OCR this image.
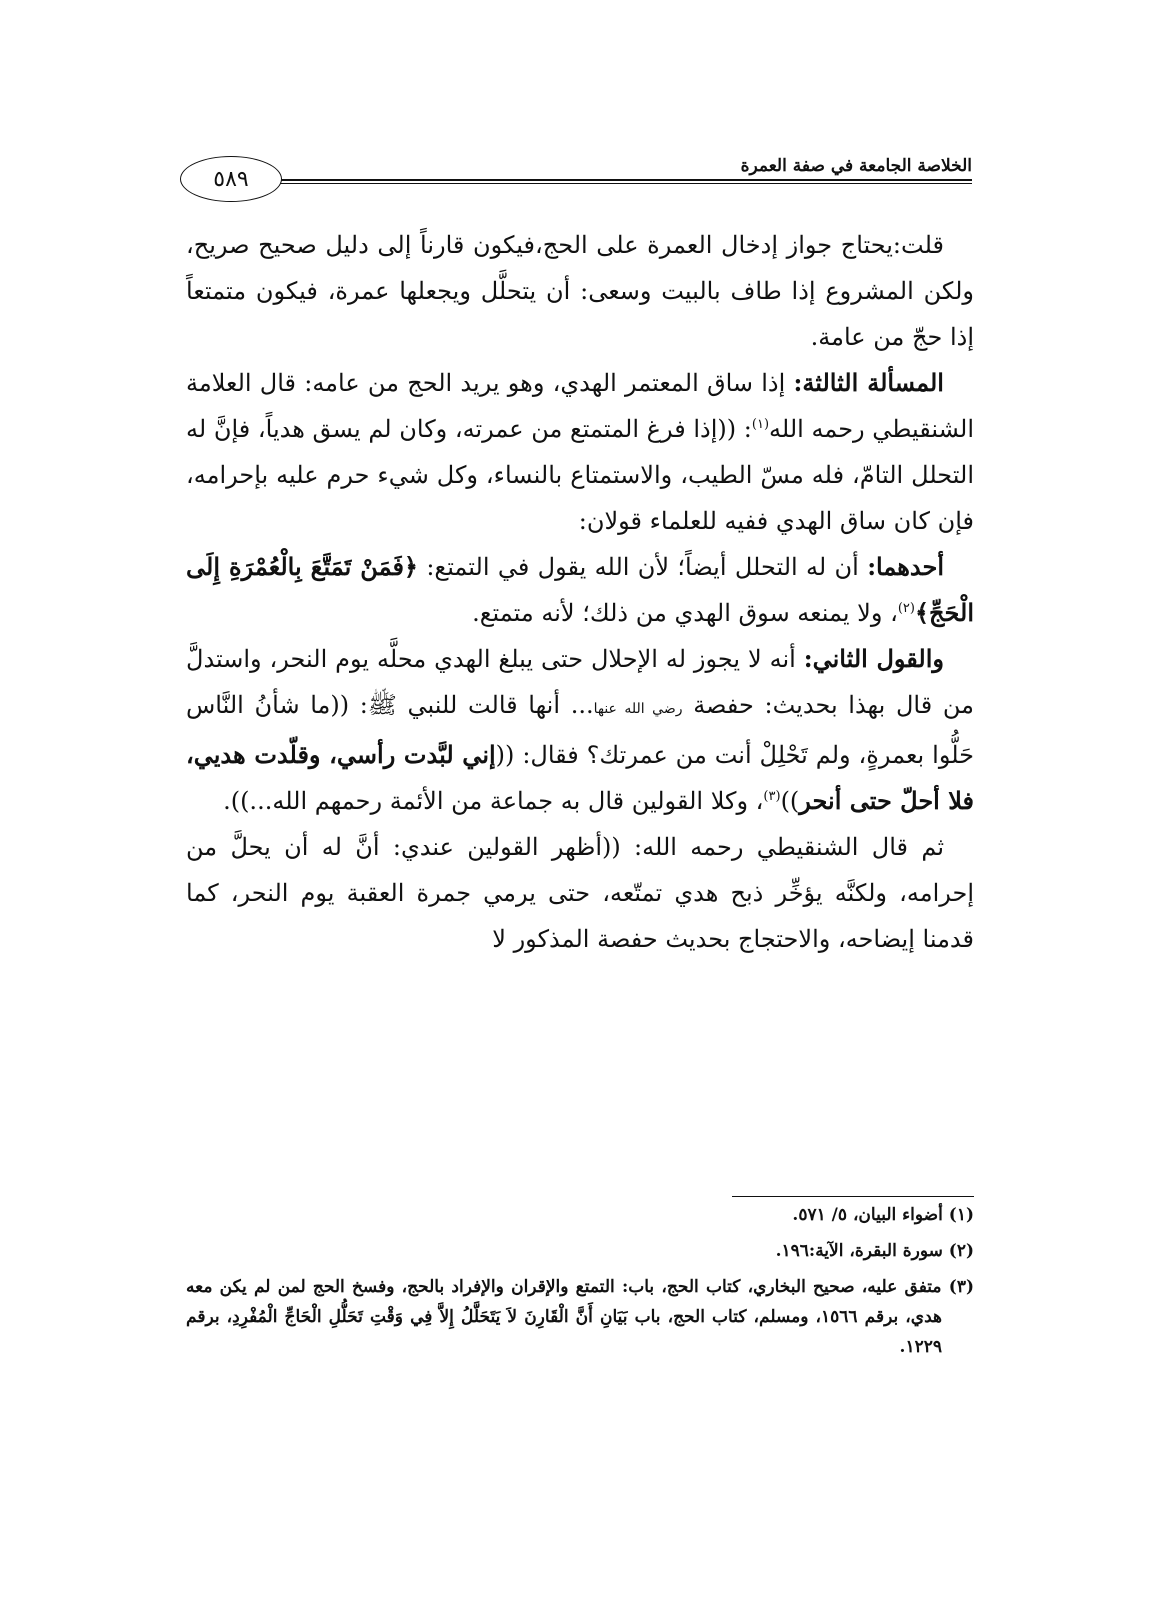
الخلاصة الجامعة في صفة العمرة
٥٨٩

قلت:يحتاج جواز إدخال العمرة على الحج،فيكون قارناً إلى دليل صحيح صريح، ولكن المشروع إذا طاف بالبيت وسعى: أن يتحلَّل ويجعلها عمرة، فيكون متمتعاً إذا حجّ من عامة.

المسألة الثالثة: إذا ساق المعتمر الهدي، وهو يريد الحج من عامه: قال العلامة الشنقيطي رحمه الله$^{(١)}$: ((إذا فرغ المتمتع من عمرته، وكان لم يسق هدياً، فإنَّ له التحلل التامّ، فله مسّ الطيب، والاستمتاع بالنساء، وكل شيء حرم عليه بإحرامه، فإن كان ساق الهدي ففيه للعلماء قولان:

أحدهما: أن له التحلل أيضاً؛ لأن الله يقول في التمتع: ﴿فَمَنْ تَمَتَّعَ بِالْعُمْرَةِ إِلَى الْحَجِّ﴾$^{(٢)}$، ولا يمنعه سوق الهدي من ذلك؛ لأنه متمتع.

والقول الثاني: أنه لا يجوز له الإحلال حتى يبلغ الهدي محلَّه يوم النحر، واستدلَّ من قال بهذا بحديث: حفصة رضي الله عنها... أنها قالت للنبي ﷺ: ((ما شأنُ النَّاس حَلُّوا بعمرةٍ، ولم تَحْلِلْ أنت من عمرتك؟ فقال: ((إني لبَّدت رأسي، وقلّدت هديي، فلا أحلّ حتى أنحر))$^{(٣)}$، وكلا القولين قال به جماعة من الأئمة رحمهم الله...)).

ثم قال الشنقيطي رحمه الله: ((أظهر القولين عندي: أنَّ له أن يحلَّ من إحرامه، ولكنَّه يؤخِّر ذبح هدي تمتّعه، حتى يرمي جمرة العقبة يوم النحر، كما قدمنا إيضاحه، والاحتجاج بحديث حفصة المذكور لا

(١) أضواء البيان، ٥/ ٥٧١.

(٢) سورة البقرة، الآية:١٩٦.

(٣) متفق عليه، صحيح البخاري، كتاب الحج، باب: التمتع والإقران والإفراد بالحج، وفسخ الحج لمن لم يكن معه هدي، برقم ١٥٦٦، ومسلم، كتاب الحج، باب بَيَانِ أَنَّ الْقَارِنَ لاَ يَتَحَلَّلُ إِلاَّ فِي وَقْتِ تَحَلُّلِ الْحَاجِّ الْمُفْرِدِ، برقم ١٢٢٩.
